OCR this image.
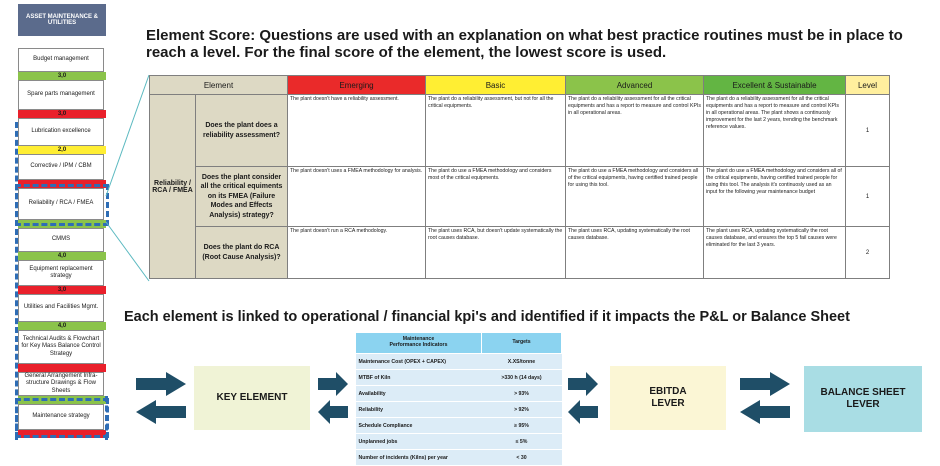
ASSET MAINTENANCE & UTILITIES
Budget management
3,0
Spare parts management
3,0
Lubrication excellence
2,0
Corrective / IPM / CBM
Reliability / RCA / FMEA
CMMS
4,0
Equipment replacement strategy
3,0
Utilities and Facilities Mgmt.
4,0
Technical Audits & Flowchart for Key Mass Balance Control Strategy
General Arrangement Infra-structure Drawings & Flow Sheets
Maintenance strategy
Element Score: Questions are used with an explanation on what best practice routines must be in place to reach a level. For the final score of the element, the lowest score is used.
Element		Emerging	Basic	Advanced	Excellent & Sustainable	Level
Reliability / RCA / FMEA	Does the plant does a reliability assessment?	The plant doesn't have a reliability assessment.	The plant do a reliability assessment, but not for all the critical equipments.	The plant do a reliability assessment for all the critical equipments and has a report to measure and control KPIs in all operational areas.	The plant do a reliability assessment for all the critical equipments and has a report to measure and control KPIs in all operational areas. The plant shows a continuosly improvement for the last 2 years, trending the benchmark reference values.	1
	Does the plant consider all the critical equiments on its FMEA (Failure Modes and Effects Analysis) strategy?	The plant doesn't uses a FMEA methodology for analysis.	The plant do use a FMEA methodology and considers most of the critical equipments.	The plant do use a FMEA methodology and considers all of the critical equipments, having certified trained people for using this tool.	The plant do use a FMEA methodology and considers all of the critical equipments, having certified trained people for using this tool. The analysis it's continuosly used as an input for the following year maintenance budget	1
	Does the plant do RCA (Root Cause Analysis)?	The plant doesn't run a RCA methodology.	The plant uses RCA, but doesn't update systematically the root causes database.	The plant uses RCA, updating systematically the root causes database.	The plant uses RCA, updating systematically the root causes database, and ensures the top 5 fail causes were eliminated for the last 3 years.	2
Each element is linked to operational / financial kpi's and identified if it impacts the P&L or Balance Sheet
KEY ELEMENT
Maintenance
Performance Indicators	Targets
Maintenance Cost (OPEX + CAPEX)	X.XS/tonne
MTBF of Kiln	>330 h (14 days)
Availability	> 93%
Reliability	> 92%
Schedule Compliance	≥ 95%
Unplanned jobs	≤ 5%
Number of incidents (Kilns) per year	< 30
EBITDA
LEVER
BALANCE SHEET
LEVER
